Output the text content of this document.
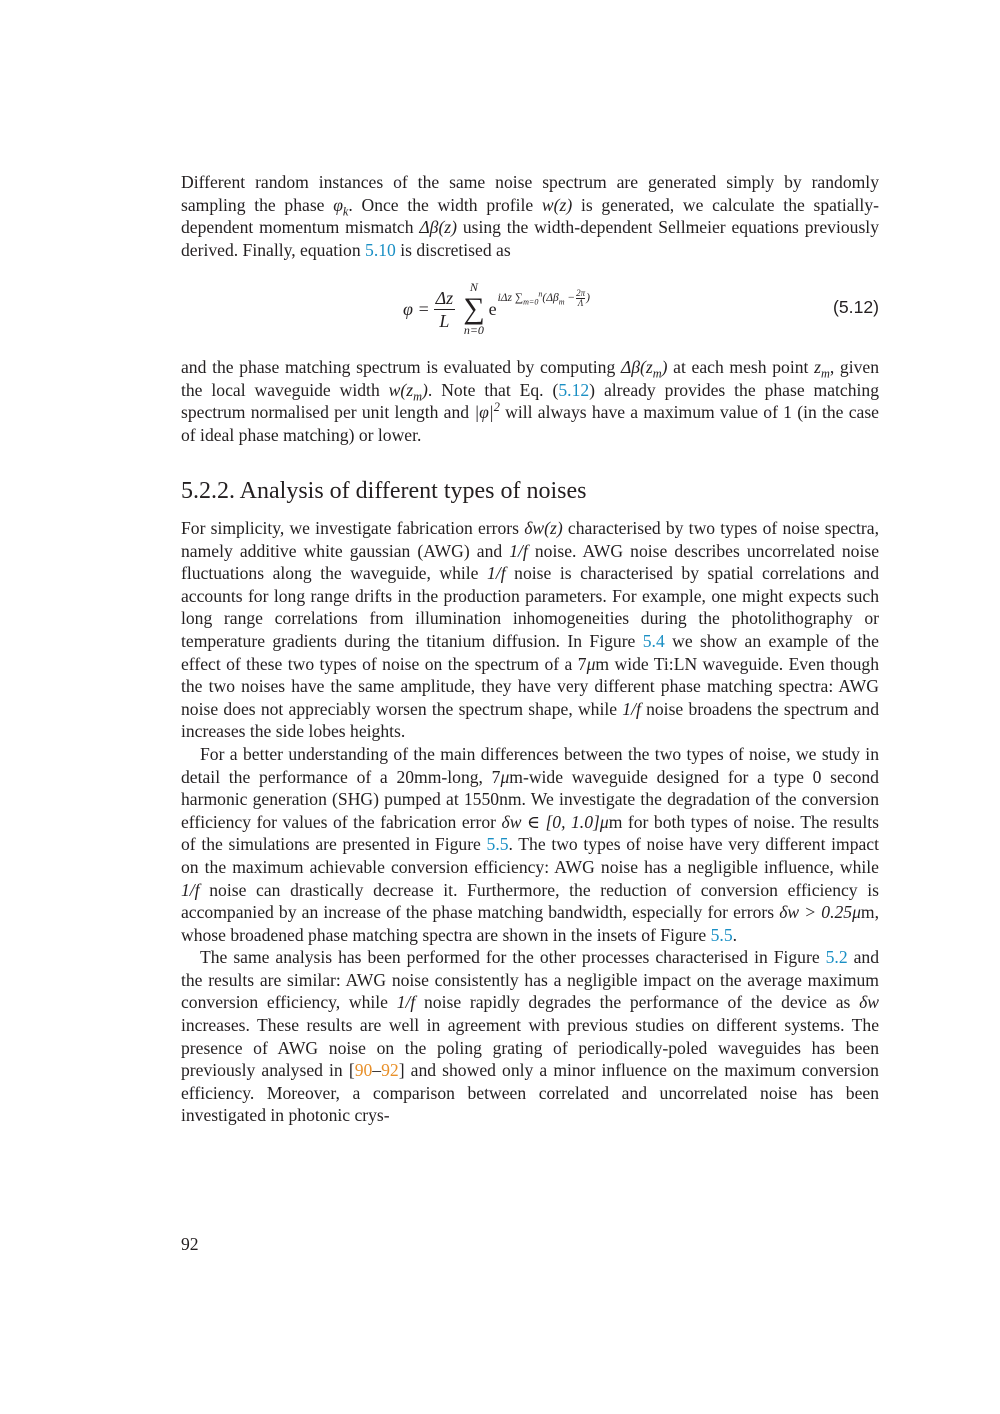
Different random instances of the same noise spectrum are generated simply by randomly sampling the phase $\varphi_k$. Once the width profile w(z) is generated, we calculate the spatially-dependent momentum mismatch Δβ(z) using the width-dependent Sellmeier equations previously derived. Finally, equation 5.10 is discretised as

$\varphi = \frac{\Delta z}{L}$ N
∑
n=0
e
iΔz $\sum_{m=0}^n(\Delta\beta_m - \frac{2\pi}{\Lambda}$ )	(5.12)

and the phase matching spectrum is evaluated by computing $\Delta\beta(z_m)$ at each mesh point $z_m$, given the local waveguide width $w(z_m)$. Note that Eq. (5.12) already provides the phase matching spectrum normalised per unit length and $|\varphi|^2$ will always have a maximum value of 1 (in the case of ideal phase matching) or lower.

5.2.2. Analysis of different types of noises

For simplicity, we investigate fabrication errors δw(z) characterised by two types of noise spectra, namely additive white gaussian (AWG) and 1/f noise. AWG noise describes uncorrelated noise fluctuations along the waveguide, while 1/f noise is characterised by spatial correlations and accounts for long range drifts in the production parameters. For example, one might expects such long range correlations from illumination inhomogeneities during the photolithography or temperature gradients during the titanium diffusion. In Figure 5.4 we show an example of the effect of these two types of noise on the spectrum of a 7μm wide Ti:LN waveguide. Even though the two noises have the same amplitude, they have very different phase matching spectra: AWG noise does not appreciably worsen the spectrum shape, while 1/f noise broadens the spectrum and increases the side lobes heights.

For a better understanding of the main differences between the two types of noise, we study in detail the performance of a 20mm-long, 7μm-wide waveguide designed for a type 0 second harmonic generation (SHG) pumped at 1550nm. We investigate the degradation of the conversion efficiency for values of the fabrication error δw ∈ [0, 1.0]μm for both types of noise. The results of the simulations are presented in Figure 5.5. The two types of noise have very different impact on the maximum achievable conversion efficiency: AWG noise has a negligible influence, while 1/f noise can drastically decrease it. Furthermore, the reduction of conversion efficiency is accompanied by an increase of the phase matching bandwidth, especially for errors δw > 0.25μm, whose broadened phase matching spectra are shown in the insets of Figure 5.5.

The same analysis has been performed for the other processes characterised in Figure 5.2 and the results are similar: AWG noise consistently has a negligible impact on the average maximum conversion efficiency, while 1/f noise rapidly degrades the performance of the device as δw increases. These results are well in agreement with previous studies on different systems. The presence of AWG noise on the poling grating of periodically-poled waveguides has been previously analysed in [90–92] and showed only a minor influence on the maximum conversion efficiency. Moreover, a comparison between correlated and uncorrelated noise has been investigated in photonic crys-

92
